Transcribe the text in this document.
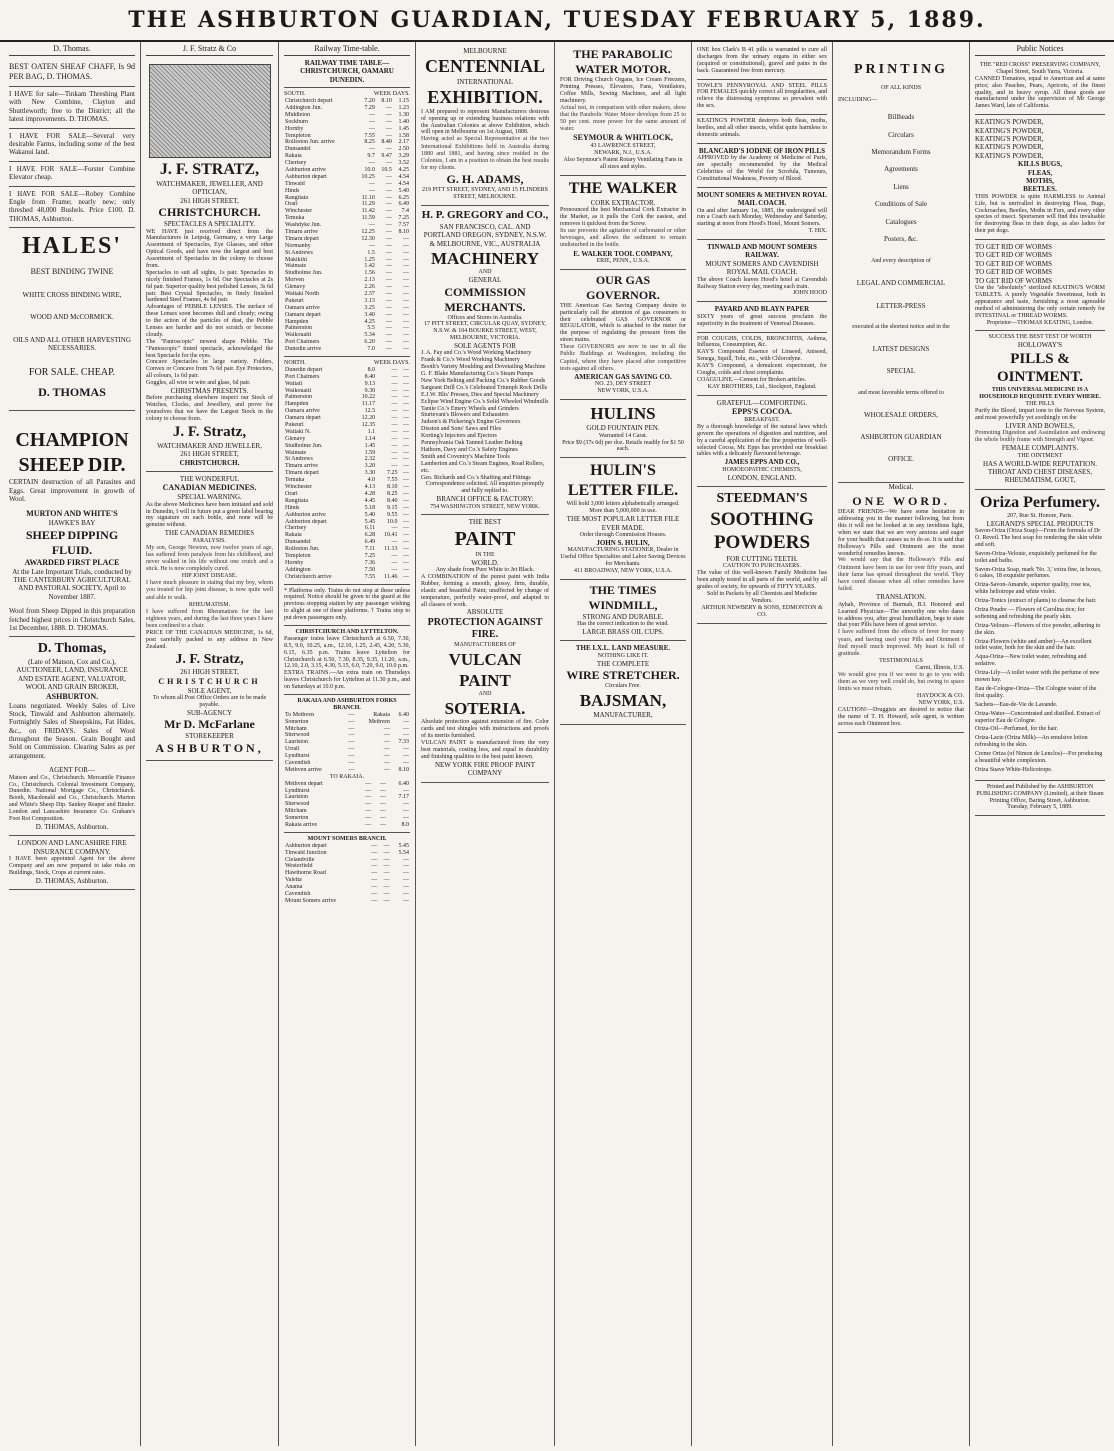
THE ASHBURTON GUARDIAN, TUESDAY FEBRUARY 5, 1889.
D. Thomas.
BEST OATEN SHEAF CHAFF, Is 9d PER BAG, D. THOMAS.
I HAVE for sale—Tinkam Threshing Plant with New Combine, Clayton and Shuttleworth; free to the District; all the latest improvements. D. THOMAS.
I HAVE FOR SALE—Several very desirable Farms, including some of the best Wakanui land.
I HAVE FOR SALE—Forster Combine Elevator cheap.
I HAVE FOR SALE—Robey Combine Engle from Frame; nearly new; only threshed 48,000 Bushels. Price £100. D. THOMAS, Ashburton.
HALES'
BEST BINDING TWINE
WHITE CROSS BINDING WIRE,
WOOD AND McCORMICK.
OILS AND ALL OTHER HARVESTING NECESSARIES.
FOR SALE. CHEAP.
D. THOMAS
CHAMPION
SHEEP DIP.
CERTAIN destruction of all Parasites and Eggs. Great improvement in growth of Wool.
MURTON AND WHITE'S
HAWKE'S BAY
SHEEP DIPPING FLUID.
AWARDED FIRST PLACE
At the Late Important Trials, conducted by THE CANTERBURY AGRICULTURAL AND PASTORAL SOCIETY, April to November 1887.
Wool from Sheep Dipped in this preparation fetched highest prices in Christchurch Sales, 1st December, 1888. D. THOMAS.
D. Thomas,
(Late of Matson, Cox and Co.),
AUCTIONEER, LAND, INSURANCE AND ESTATE AGENT, VALUATOR, WOOL AND GRAIN BROKER,
ASHBURTON.
Loans negotiated. Weekly Sales of Live Stock, Tinwald and Ashburton alternately. Fortnightly Sales of Sheepskins, Fat Hides, &c., on FRIDAYS. Sales of Wool throughout the Season. Grain Bought and Sold on Commission. Clearing Sales as per arrangement.
AGENT FOR—
Matson and Co., Christchurch. Mercantile Finance Co., Christchurch. Colonial Investment Company, Dunedin. National Mortgage Co., Christchurch. Booth, Macdonald and Co., Christchurch. Murton and White's Sheep Dip. Sankey Reaper and Binder. London and Lancashire Insurance Co. Graham's Foot Rot Composition.
D. THOMAS, Ashburton.
LONDON AND LANCASHIRE FIRE INSURANCE COMPANY.
I HAVE been appointed Agent for the above Company and am now prepared to take risks on Buildings, Stock, Crops at current rates.
D. THOMAS, Ashburton.
J. F. Stratz & Co
J. F. STRATZ,
WATCHMAKER, JEWELLER, AND OPTICIAN,
261 HIGH STREET,
CHRISTCHURCH.
SPECTACLES A SPECIALITY.
WE HAVE just received direct from the Manufacturers in Leipsig, Germany, a very Large Assortment of Spectacles, Eye Glasses, and other Optical Goods, and have now the largest and best Assortment of Spectacles in the colony to choose from.
Spectacles to suit all sights, 1s pair. Spectacles in nicely finished Frames, 1s 6d. Our Spectacles at 2s 6d pair. Superior quality best polished Lenses, 3s 6d pair. Best Crystal Spectacles, in finely finished hardened Steel Frames, 4s 6d pair.
Advantages of PEBBLE LENSES. The surface of these Lenses soon becomes dull and cloudy; owing to the action of the particles of dust, the Pebble Lenses are harder and do not scratch or become cloudy.
The "Pantoscopic" newest shape Pebble. The "Pantoscopic" tinted spectacle, acknowledged the best Spectacle for the eyes.
Concave Spectacles in large variety. Folders, Convex or Concave from 7s 6d pair. Eye Protectors, all colours, 1s 6d pair.
Goggles, all wire or wire and glass, 6d pair.
CHRISTMAS PRESENTS.
Before purchasing elsewhere inspect our Stock of Watches, Clocks, and Jewellery, and prove for yourselves that we have the Largest Stock in the colony to choose from.
J. F. Stratz,
WATCHMAKER AND JEWELLER,
261 HIGH STREET,
CHRISTCHURCH.
THE WONDERFUL
CANADIAN MEDICINES.
SPECIAL WARNING.
As the above Medicines have been imitated and sold in Dunedin, I will in future put a green label bearing my signature on each bottle, and none will be genuine without.
THE CANADIAN REMEDIES
PARALYSIS.
My son, George Newton, now twelve years of age, has suffered from paralysis from his childhood, and never walked in his life without one crutch and a stick. He is now completely cured.
HIP JOINT DISEASE.
I have much pleasure in stating that my boy, whom you treated for hip joint disease, is now quite well and able to walk.
RHEUMATISM.
I have suffered from Rheumatism for the last eighteen years, and during the last three years I have been confined to a chair.
PRICE OF THE CANADIAN MEDICINE, 1s 6d, post carefully packed to any address in New Zealand.
J. F. Stratz,
261 HIGH STREET,
CHRISTCHURCH
SOLE AGENT,
To whom all Post Office Orders are to be made payable.
SUB-AGENCY
Mr D. McFarlane
STOREKEEPER
ASHBURTON,
Railway Time-table.
RAILWAY TIME TABLE—CHRISTCHURCH, OAMARU DUNEDIN.
SOUTH.	WEEK DAYS.
Christchurch depart	7.20	8.10	1.15
Addington Jun.	7.29	—	1.23
Middleton	—	—	1.30
Sockburn	—	—	1.40
Hornby	—	—	1.45
Templeton	7.55	—	1.58
Rolleston Jun. arrive	8.25	8.40	2.17
Dunsandel	—	—	2.50
Rakaia	9.7	9.47	3.29
Chertsey	—	—	3.52
Ashburton arrive	10.0	10.5	4.25
Ashburton depart	10.25	—	4.54
Tinwald	—	—	4.54
Hinds	—	—	5.40
Rangitata	11.10	—	6.25
Orari	11.29	—	6.49
Winchester	11.42	—	7.4
Temuka	11.59	—	7.25
Washdyke Jun.	—	—	7.57
Timaru arrive	12.25	—	8.10
Timaru depart	12.30	—	—
Normanby	—	—	—
St Andrews	1.5	—	—
Makikihi	1.25	—	—
Waimate	1.42	—	—
Studholme Jun.	1.56	—	—
Morven	2.13	—	—
Glenavy	2.26	—	—
Waitaki North	2.37	—	—
Pukeuri	3.13	—	—
Oamaru arrive	3.25	—	—
Oamaru depart	3.40	—	—
Hampden	4.25	—	—
Palmerston	5.5	—	—
Waikouaiti	5.34	—	—
Port Chalmers	6.20	—	—
Dunedin arrive	7.0	—	—
NORTH.	WEEK DAYS.
Dunedin depart	8.0	—	—
Port Chalmers	8.40	—	—
Waitati	9.13	—	—
Waikouaiti	9.30	—	—
Palmerston	10.22	—	—
Hampden	11.17	—	—
Oamaru arrive	12.5	—	—
Oamaru depart	12.20	—	—
Pukeuri	12.35	—	—
Waitaki N.	1.1	—	—
Glenavy	1.14	—	—
Studholme Jun.	1.45	—	—
Waimate	1.59	—	—
St Andrews	2.32	—	—
Timaru arrive	3.20	—	—
Timaru depart	3.30	7.25	—
Temuka	4.0	7.55	—
Winchester	4.13	8.10	—
Orari	4.28	8.25	—
Rangitata	4.45	8.40	—
Hinds	5.18	9.15	—
Ashburton arrive	5.40	9.55	—
Ashburton depart	5.45	10.0	—
Chertsey	6.11	—	—
Rakaia	6.28	10.41	—
Dunsandel	6.49	—	—
Rolleston Jun.	7.11	11.13	—
Templeton	7.25	—	—
Hornby	7.36	—	—
Addington	7.50	—	—
Christchurch arrive	7.55	11.46	—
* Platforms only. Trains do not stop at these unless required. Notice should be given to the guard at the previous stopping station by any passenger wishing to alight at one of these platforms. † Trains stop to put down passengers only.
CHRISTCHURCH AND LYTTELTON.
Passenger trains leave Christchurch at 6.50, 7.30, 8.5, 9.0, 10.25, a.m., 12.10, 1.25, 2.45, 4.20, 5.30, 6.15, 6.35 p.m. Trains leave Lyttelton for Christchurch at 6.50, 7.30, 8.35, 9.35, 11.20, a.m., 12.10, 2.0, 3.15, 4.30, 5.15, 6.0, 7.20, 9.0, 10.0 p.m.
EXTRA TRAINS.—An extra train on Thursdays leaves Christchurch for Lyttelton at 11.30 p.m., and on Saturdays at 10.0 p.m.
RAKAIA AND ASHBURTON FORKS BRANCH.
To Methven	—	Rakaia	6.40
Somerton	—	Methven	—
Mitcham	—	—	—
Sherwood	—	—	—
Lauriston	—	—	7.33
Urrall	—	—	—
Lyndhurst	—	—	—
Cavendish	—	—	—
Methven arrive	—	—	8.10
TO RAKAIA.
Methven depart	—	—	6.40
Lyndhurst	—	—	—
Lauriston	—	—	7.17
Sherwood	—	—	—
Mitcham	—	—	—
Somerton	—	—	—
Rakaia arrive	—	—	8.0
MOUNT SOMERS BRANCH.
Ashburton depart	—	—	5.45
Tinwald Junction	—	—	5.54
Clelandville	—	—	—
Westerfield	—	—	—
Hawthorne Road	—	—	—
Valetta	—	—	—
Anama	—	—	—
Cavendish	—	—	—
Mount Somers arrive	—	—	—
MELBOURNE
CENTENNIAL
INTERNATIONAL
EXHIBITION.
I AM prepared to represent Manufacturers desirous of opening up or extending business relations with the Australian Colonies at above Exhibition, which will open in Melbourne on 1st August, 1888.
Having acted as Special Representative at the two International Exhibitions held in Australia during 1880 and 1881, and having since resided in the Colonies, I am in a position to obtain the best results for my clients.
G. H. ADAMS,
219 PITT STREET, SYDNEY, AND 15 FLINDERS STREET, MELBOURNE.
H. P. GREGORY and CO.,
SAN FRANCISCO, CAL. AND PORTLAND OREGON, SYDNEY, N.S.W. & MELBOURNE, VIC., AUSTRALIA
MACHINERY
AND
GENERAL
COMMISSION MERCHANTS.
Offices and Stores in Australia.
17 PITT STREET, CIRCULAR QUAY, SYDNEY, N.S.W. & 104 BOURKE STREET, WEST, MELBOURNE, VICTORIA.
SOLE AGENTS FOR
J. A. Fay and Co.'s Wood Working Machinery
Frank & Co.'s Wood Working Machinery
Booth's Variety Moulding and Dovetailing Machine
G. F. Blake Manufacturing Co.'s Steam Pumps
New York Belting and Packing Co.'s Rubber Goods
Sargeant Drill Co.'s Celebrated Triumph Rock Drills
E.J.W. Blis' Presses, Dies and Special Machinery
Eclipse Wind Engine Co.'s Solid Wheeled Windmills
Tanite Co.'s Emery Wheels and Grinders
Sturtevant's Blowers and Exhausters
Judson's & Pickering's Engine Governors
Disston and Sons' Saws and Files
Korting's Injectors and Ejectors
Pennsylvania Oak Tanned Leather Belting
Hathorn, Davy and Co.'s Safety Engines
Smith and Coventry's Machine Tools
Lamberton and Co.'s Steam Engines, Road Rollers, etc.
Geo. Richards and Co.'s Shafting and Fittings
Correspondence solicited. All enquiries promptly and fully replied to.
BRANCH OFFICE & FACTORY:
754 WASHINGTON STREET, NEW YORK.
THE BEST
PAINT
IN THE
WORLD.
Any shade from Pure White to Jet Black.
A COMBINATION of the purest paint with India Rubber, forming a smooth, glossy, firm, durable, elastic and beautiful Paint; unaffected by change of temperature, perfectly water-proof, and adapted to all classes of work.
ABSOLUTE
PROTECTION AGAINST FIRE.
MANUFACTURERS OF
VULCAN PAINT
AND
SOTERIA.
Absolute protection against extension of fire. Color cards and test shingles with instructions and proofs of its merits furnished.
VULCAN PAINT is manufactured from the very best materials, costing less, and equal in durability and finishing qualities to the best paint known.
NEW YORK FIRE PROOF PAINT COMPANY
THE PARABOLIC WATER MOTOR.
FOR Driving Church Organs, Ice Cream Freezers, Printing Presses, Elevators, Fans, Ventilators, Coffee Mills, Sewing Machines, and all light machinery.
Actual test, in comparison with other makers, show that the Parabolic Water Motor develops from 25 to 50 per cent. more power for the same amount of water.
SEYMOUR & WHITLOCK,
43 LAWRENCE STREET,
NEWARK, N.J., U.S.A.
Also Seymour's Patent Rotary Ventilating Fans in all sizes and styles.
THE WALKER
CORK EXTRACTOR.
Pronounced the best Mechanical Cork Extractor in the Market, as it pulls the Cork the easiest, and removes it quickest from the Screw.
Its use prevents the agitation of carbonated or other beverages, and allows the sediment to remain undisturbed in the bottle.
E. WALKER TOOL COMPANY,
ERIE, PENN., U.S.A.
OUR GAS GOVERNOR.
THE American Gas Saving Company desire to particularly call the attention of gas consumers to their celebrated GAS GOVERNOR or REGULATOR, which is attached to the meter for the purpose of regulating the pressure from the street mains.
These GOVERNORS are now in use in all the Public Buildings at Washington, including the Capitol, where they have placed after competitive tests against all others.
AMERICAN GAS SAVING CO.
NO. 23, DEY STREET
NEW YORK, U.S.A.
HULINS
GOLD FOUNTAIN PEN.
Warranted 14 Carat.
Price $9 (37s 6d) per doz. Retails readily for $1 50 each.
HULIN'S LETTER FILE.
Will hold 3,000 letters alphabetically arranged. More than 5,000,000 in use.
THE MOST POPULAR LETTER FILE EVER MADE.
Order through Commission Houses.
JOHN S. HULIN,
MANUFACTURING STATIONER, Dealer in Useful Office Specialties and Labor Saving Devices for Merchants.
411 BROADWAY, NEW YORK, U.S.A.
THE TIMES WINDMILL,
STRONG AND DURABLE.
Has the correct indication to the wind.
LARGE BRASS OIL CUPS.
THE I.X.L. LAND MEASURE.
NOTHING LIKE IT.
THE COMPLETE
WIRE STRETCHER.
Circulars Free.
BAJSMAN,
MANUFACTURER,
ONE box Clark's B 41 pills is warranted to cure all discharges from the urinary organs in either sex (acquired or constitutional), gravel and pains in the back. Guaranteed free from mercury.
TOWLE'S PENNYROYAL AND STEEL PILLS FOR FEMALES quickly correct all irregularities, and relieve the distressing symptoms so prevalent with the sex.
KEATING'S POWDER destroys both fleas, moths, beetles, and all other insects, whilst quite harmless to domestic animals.
BLANCARD'S IODINE OF IRON PILLS
APPROVED by the Academy of Medicine of Paris, are specially recommended by the Medical Celebrities of the World for Scrofula, Tumours, Constitutional Weakness, Poverty of Blood.
MOUNT SOMERS & METHVEN ROYAL MAIL COACH.
On and after January 1st, 1885, the undersigned will run a Coach each Monday, Wednesday and Saturday, starting at noon from Hood's Hotel, Mount Somers.
T. HIX.
TINWALD AND MOUNT SOMERS RAILWAY.
MOUNT SOMERS AND CAVENDISH ROYAL MAIL COACH.
The above Coach leaves Hood's hotel at Cavendish Railway Station every day, meeting each train.
JOHN HOOD
PAYARD AND BLAYN PAPER
SIXTY years of great success proclaim the superiority in the treatment of Venereal Diseases.
FOR COUGHS, COLDS, BRONCHITIS, Asthma, Influenza, Consumption, &c.
KAY'S Compound Essence of Linseed, Aniseed, Senega, Squill, Tolu, etc., with Chlorodyne.
KAY'S Compound, a demulcent expectorant, for Coughs, colds and chest complaints.
COAGULINE.—Cement for Broken articles.
KAY BROTHERS, Ltd., Stockport, England.
GRATEFUL—COMFORTING.
EPPS'S COCOA.
BREAKFAST.
By a thorough knowledge of the natural laws which govern the operations of digestion and nutrition, and by a careful application of the fine properties of well-selected Cocoa, Mr. Epps has provided our breakfast tables with a delicately flavoured beverage.
JAMES EPPS AND CO.,
HOMOEOPATHIC CHEMISTS,
LONDON, ENGLAND.
STEEDMAN'S
SOOTHING
POWDERS
FOR CUTTING TEETH.
CAUTION TO PURCHASERS.
The value of this well-known Family Medicine has been amply tested in all parts of the world, and by all grades of society, for upwards of FIFTY YEARS.
Sold in Packets by all Chemists and Medicine Vendors.
ARTHUR NEWBERY & SONS, EDMONTON & CO.
PRINTING
OF ALL KINDS
INCLUDING—
Billheads
Circulars
Memorandum Forms
Agreements
Liens
Conditions of Sale
Catalogues
Posters, &c.
And every description of
LEGAL AND COMMERCIAL
LETTER-PRESS
executed at the shortest notice and in the
LATEST DESIGNS
SPECIAL
and most favorable terms offered to
WHOLESALE ORDERS,
ASHBURTON GUARDIAN
OFFICE.
Medical.
ONE WORD.
DEAR FRIENDS—We have some hesitation in addressing you in the manner following, but from this it will not be looked at in any invidious light, when we state that we are very anxious and eager for your health that causes us to do so. It is said that Holloway's Pills and Ointment are the most wonderful remedies known.
We would say that the Holloway's Pills and Ointment have been in use for over fifty years, and their fame has spread throughout the world. They have cured disease when all other remedies have failed.
TRANSLATION.
Ayhab, Province of Burmah, B.I. Honored and Learned Physician—The unworthy one who dares to address you, after great humiliation, begs to state that your Pills have been of great service.
I have suffered from the effects of fever for many years, and having used your Pills and Ointment I find myself much improved. My heart is full of gratitude.
TESTIMONIALS
Carmi, Illinois, U.S.
We would give you if we were to go to you with them as we very well could do, but owing to space limits we must refrain.
HAYDOCK & CO.
NEW YORK, U.S.
CAUTION!—Druggists are desired to notice that the name of T. H. Howard, sole agent, is written across each Ointment box.
Public Notices
THE "RED CROSS" PRESERVING COMPANY, Chapel Street, South Yarra, Victoria.
CANNED Tomatoes, equal to American and at same price; also Peaches, Pears, Apricots, of the finest quality, and in heavy syrup. All these goods are manufactured under the supervision of Mr George James Ward, late of California.
KEATING'S POWDER,
KEATING'S POWDER,
KEATING'S POWDER,
KEATING'S POWDER,
KEATING'S POWDER,
KILLS BUGS,
FLEAS,
MOTHS,
BEETLES.
THIS POWDER is quite HARMLESS to Animal Life, but is unrivalled in destroying Fleas, Bugs, Cockroaches, Beetles, Moths in Furs, and every other species of insect. Sportsmen will find this invaluable for destroying fleas in their dogs, as also ladies for their pet dogs.
TO GET RID OF WORMS
TO GET RID OF WORMS
TO GET RID OF WORMS
TO GET RID OF WORMS
TO GET RID OF WORMS
Use the "absolutely" sterilized KEATING'S WORM TABLETS. A purely Vegetable Sweetmeat, both in appearance and taste, furnishing a most agreeable method of administering the only certain remedy for INTESTINAL or THREAD WORMS.
Proprietor—THOMAS KEATING, London.
SUCCESS THE BEST TEST OF WORTH
HOLLOWAY'S
PILLS & OINTMENT.
THIS UNIVERSAL MEDICINE IS A HOUSEHOLD REQUISITE EVERY WHERE.
THE PILLS
Purify the Blood, impart tone to the Nervous System, and most powerfully yet soothingly on the
LIVER AND BOWELS,
Promoting Digestion and Assimilation and endowing the whole bodily frame with Strength and Vigour.
FEMALE COMPLAINTS.
THE OINTMENT
HAS A WORLD-WIDE REPUTATION.
THROAT AND CHEST DISEASES,
RHEUMATISM, GOUT,
Oriza Perfumery.
207, Rue St. Honore, Paris.
LEGRAND'S SPECIAL PRODUCTS
Savon-Oriza (Oriza Soap)—From the formula of Dr O. Reveil. The best soap for rendering the skin white and soft.
Savon-Oriza-Veloute, exquisitely perfumed for the toilet and baths.
Savon-Oriza Soap, mark 'No. 3,' extra fine, in boxes, 6 cakes, 18 exquisite perfumes.
Oriza-Savon-Amande, superior quality, rose tea, white heliotrope and white violet.
Oriza-Tonics (extract of plants) to cleanse the hair.
Oriza Poudre — Flowers of Carolina rice; for softening and refreshing the pearly skin.
Oriza-Velours—Flowers of rice powder, adhering to the skin.
Oriza-Flowers (white and amber)—An excellent toilet water, both for the skin and the hair.
Aqua-Oriza—New toilet water, refreshing and sedative.
Oriza-Lily—A toilet water with the perfume of new mown hay.
Eau de-Cologne-Oriza—The Cologne water of the first quality.
Sachets—Eau-de-Vie de Lavande.
Oriza-Water—Concentrated and distilled. Extract of superior Eau de Cologne.
Oriza-Oil—Perfumed, for the hair.
Oriza-Lacte (Oriza Milk)—An emulsive lotion refreshing to the skin.
Creme Oriza (of Nimon de Lenclos)—For producing a beautiful white complexion.
Oriza Suave White-Helicotrope.
Printed and Published by the ASHBURTON PUBLISHING COMPANY (Limited), at their Steam Printing Office, Baring Street, Ashburton.
Tuesday, February 5, 1889.
